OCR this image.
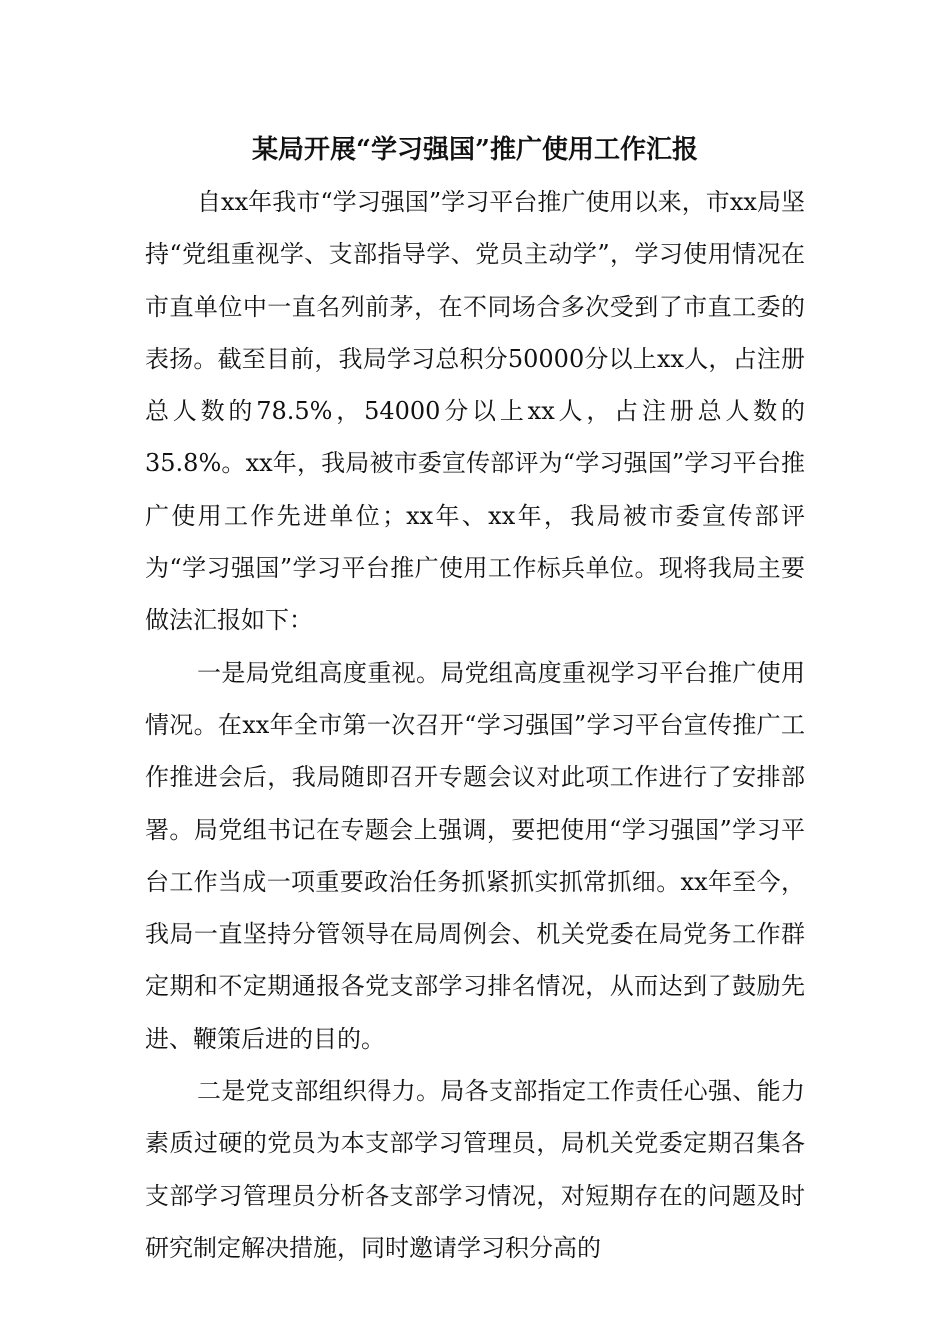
某局开展“学习强国”推广使用工作汇报

自xx年我市“学习强国”学习平台推广使用以来，市xx局坚持“党组重视学、支部指导学、党员主动学”，学习使用情况在市直单位中一直名列前茅，在不同场合多次受到了市直工委的表扬。截至目前，我局学习总积分50000分以上xx人，占注册总人数的78.5%，54000分以上xx人，占注册总人数的35.8%。xx年，我局被市委宣传部评为“学习强国”学习平台推广使用工作先进单位；xx年、xx年，我局被市委宣传部评为“学习强国”学习平台推广使用工作标兵单位。现将我局主要做法汇报如下：

一是局党组高度重视。局党组高度重视学习平台推广使用情况。在xx年全市第一次召开“学习强国”学习平台宣传推广工作推进会后，我局随即召开专题会议对此项工作进行了安排部署。局党组书记在专题会上强调，要把使用“学习强国”学习平台工作当成一项重要政治任务抓紧抓实抓常抓细。xx年至今，我局一直坚持分管领导在局周例会、机关党委在局党务工作群定期和不定期通报各党支部学习排名情况，从而达到了鼓励先进、鞭策后进的目的。

二是党支部组织得力。局各支部指定工作责任心强、能力素质过硬的党员为本支部学习管理员，局机关党委定期召集各支部学习管理员分析各支部学习情况，对短期存在的问题及时研究制定解决措施，同时邀请学习积分高的
